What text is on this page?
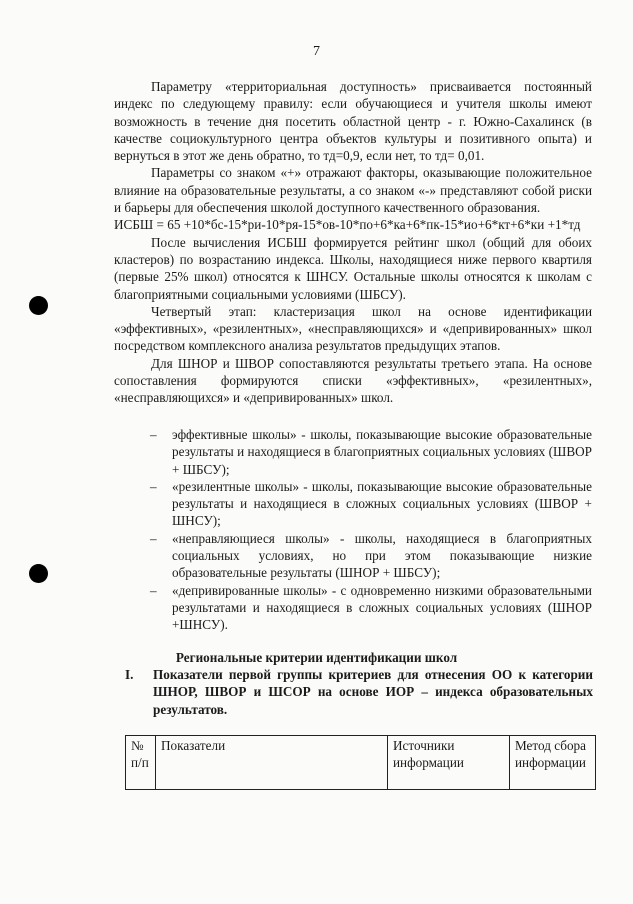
7

Параметру «территориальная доступность» присваивается постоянный индекс по следующему правилу: если обучающиеся и учителя школы имеют возможность в течение дня посетить областной центр - г. Южно-Сахалинск (в качестве социокультурного центра объектов культуры и позитивного опыта) и вернуться в этот же день обратно, то тд=0,9, если нет, то тд= 0,01.

Параметры со знаком «+» отражают факторы, оказывающие положительное влияние на образовательные результаты, а со знаком «-» представляют собой риски и барьеры для обеспечения школой доступного качественного образования.

ИСБШ = 65 +10*бс-15*ри-10*ря-15*ов-10*по+6*ка+6*пк-15*ио+6*кт+6*ки +1*тд

После вычисления ИСБШ формируется рейтинг школ (общий для обоих кластеров) по возрастанию индекса. Школы, находящиеся ниже первого квартиля (первые 25% школ) относятся к ШНСУ. Остальные школы относятся к школам с благоприятными социальными условиями (ШБСУ).

Четвертый этап: кластеризация школ на основе идентификации «эффективных», «резилентных», «несправляющихся» и «депривированных» школ посредством комплексного анализа результатов предыдущих этапов.

Для ШНОР и ШВОР сопоставляются результаты третьего этапа. На основе сопоставления формируются списки «эффективных», «резилентных», «несправляющихся» и «депривированных» школ.

– эффективные школы» - школы, показывающие высокие образовательные результаты и находящиеся в благоприятных социальных условиях (ШВОР + ШБСУ);

– «резилентные школы» - школы, показывающие высокие образовательные результаты и находящиеся в сложных социальных условиях (ШВОР + ШНСУ);

– «неправляющиеся школы» - школы, находящиеся в благоприятных социальных условиях, но при этом показывающие низкие образовательные результаты (ШНОР + ШБСУ);

– «депривированные школы» - с одновременно низкими образовательными результатами и находящиеся в сложных социальных условиях (ШНОР +ШНСУ).

Региональные критерии идентификации школ
I. Показатели первой группы критериев для отнесения ОО к категории ШНОР, ШВОР и ШСОР на основе ИОР – индекса образовательных результатов.
№ п/п	Показатели	Источники информации	Метод сбора информации
